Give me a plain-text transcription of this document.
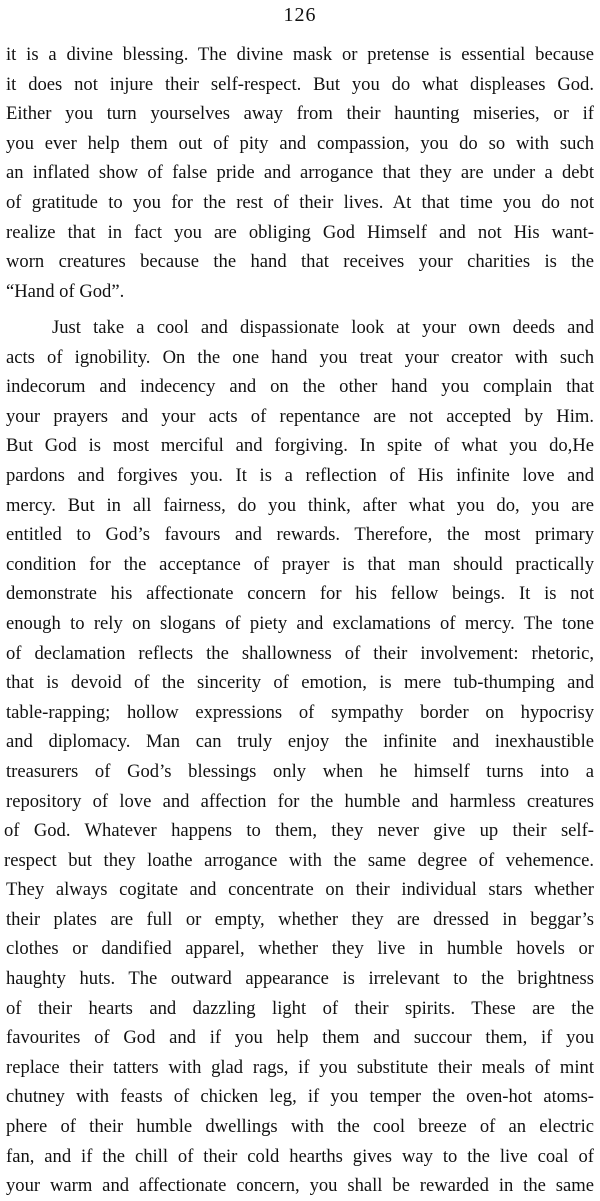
126
it is a divine blessing. The divine mask or pretense is essential because
it does not injure their self-respect. But you do what displeases God.
Either you turn yourselves away from their haunting miseries, or if
you ever help them out of pity and compassion, you do so with such
an inflated show of false pride and arrogance that they are under a debt
of gratitude to you for the rest of their lives. At that time you do not
realize that in fact you are obliging God Himself and not His want-
worn creatures because the hand that receives your charities is the
“Hand of God”.
Just take a cool and dispassionate look at your own deeds and
acts of ignobility. On the one hand you treat your creator with such
indecorum and indecency and on the other hand you complain that
your prayers and your acts of repentance are not accepted by Him.
But God is most merciful and forgiving. In spite of what you do,He
pardons and forgives you. It is a reflection of His infinite love and
mercy. But in all fairness, do you think, after what you do, you are
entitled to God’s favours and rewards. Therefore, the most primary
condition for the acceptance of prayer is that man should practically
demonstrate his affectionate concern for his fellow beings. It is not
enough to rely on slogans of piety and exclamations of mercy. The tone
of declamation reflects the shallowness of their involvement: rhetoric,
that is devoid of the sincerity of emotion, is mere tub-thumping and
table-rapping; hollow expressions of sympathy border on hypocrisy
and diplomacy. Man can truly enjoy the infinite and inexhaustible
treasurers of God’s blessings only when he himself turns into a
repository of love and affection for the humble and harmless creatures
of God. Whatever happens to them, they never give up their self-
respect but they loathe arrogance with the same degree of vehemence.
They always cogitate and concentrate on their individual stars whether
their plates are full or empty, whether they are dressed in beggar’s
clothes or dandified apparel, whether they live in humble hovels or
haughty huts. The outward appearance is irrelevant to the brightness
of their hearts and dazzling light of their spirits. These are the
favourites of God and if you help them and succour them, if you
replace their tatters with glad rags, if you substitute their meals of mint
chutney with feasts of chicken leg, if you temper the oven-hot atoms-
phere of their humble dwellings with the cool breeze of an electric
fan, and if the chill of their cold hearths gives way to the live coal of
your warm and affectionate concern, you shall be rewarded in the same
